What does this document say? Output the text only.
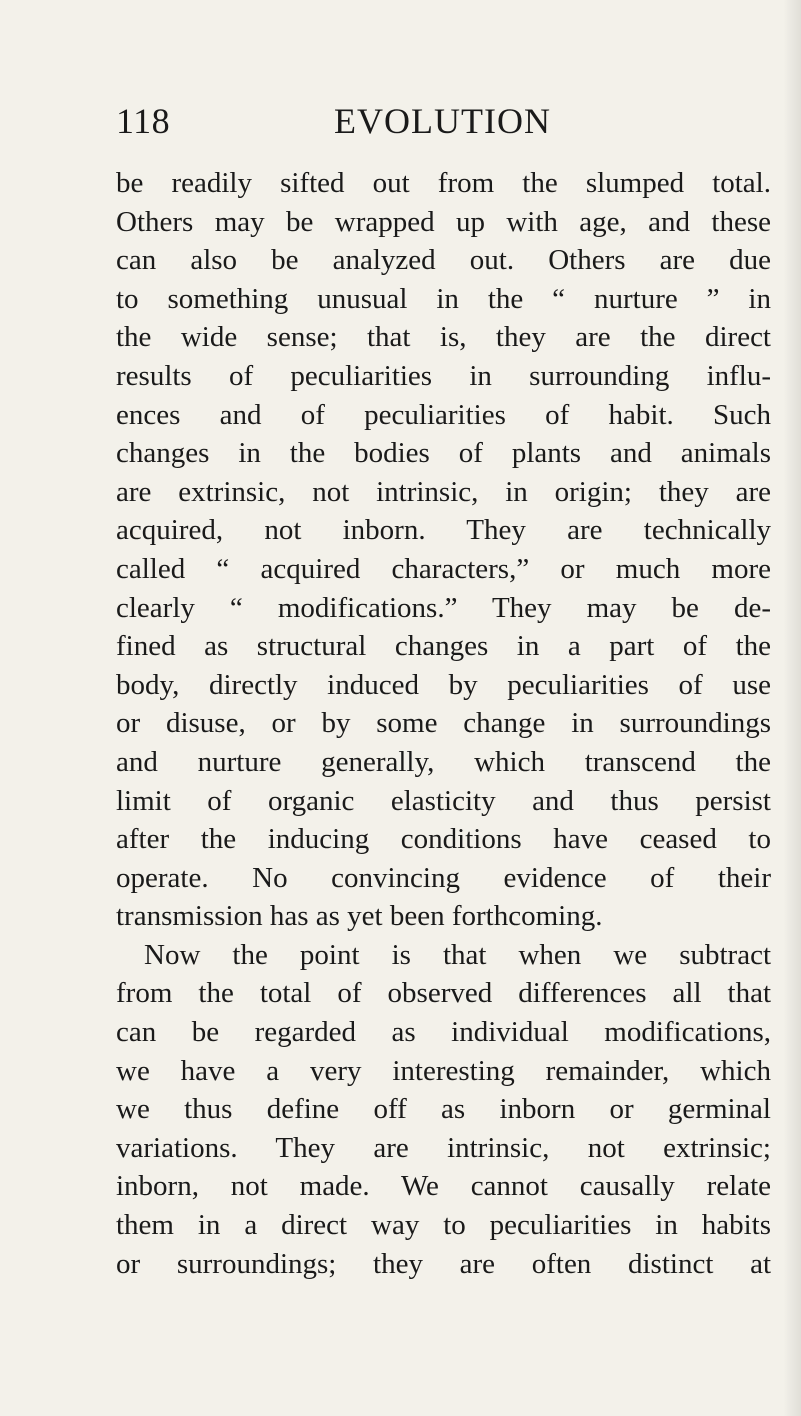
118	EVOLUTION
be readily sifted out from the slumped total.
Others may be wrapped up with age, and these
can also be analyzed out. Others are due
to something unusual in the “ nurture ” in
the wide sense; that is, they are the direct
results of peculiarities in surrounding influ-
ences and of peculiarities of habit. Such
changes in the bodies of plants and animals
are extrinsic, not intrinsic, in origin; they are
acquired, not inborn. They are technically
called “ acquired characters,” or much more
clearly “ modifications.” They may be de-
fined as structural changes in a part of the
body, directly induced by peculiarities of use
or disuse, or by some change in surroundings
and nurture generally, which transcend the
limit of organic elasticity and thus persist
after the inducing conditions have ceased to
operate. No convincing evidence of their
transmission has as yet been forthcoming.
Now the point is that when we subtract
from the total of observed differences all that
can be regarded as individual modifications,
we have a very interesting remainder, which
we thus define off as inborn or germinal
variations. They are intrinsic, not extrinsic;
inborn, not made. We cannot causally relate
them in a direct way to peculiarities in habits
or surroundings; they are often distinct at
